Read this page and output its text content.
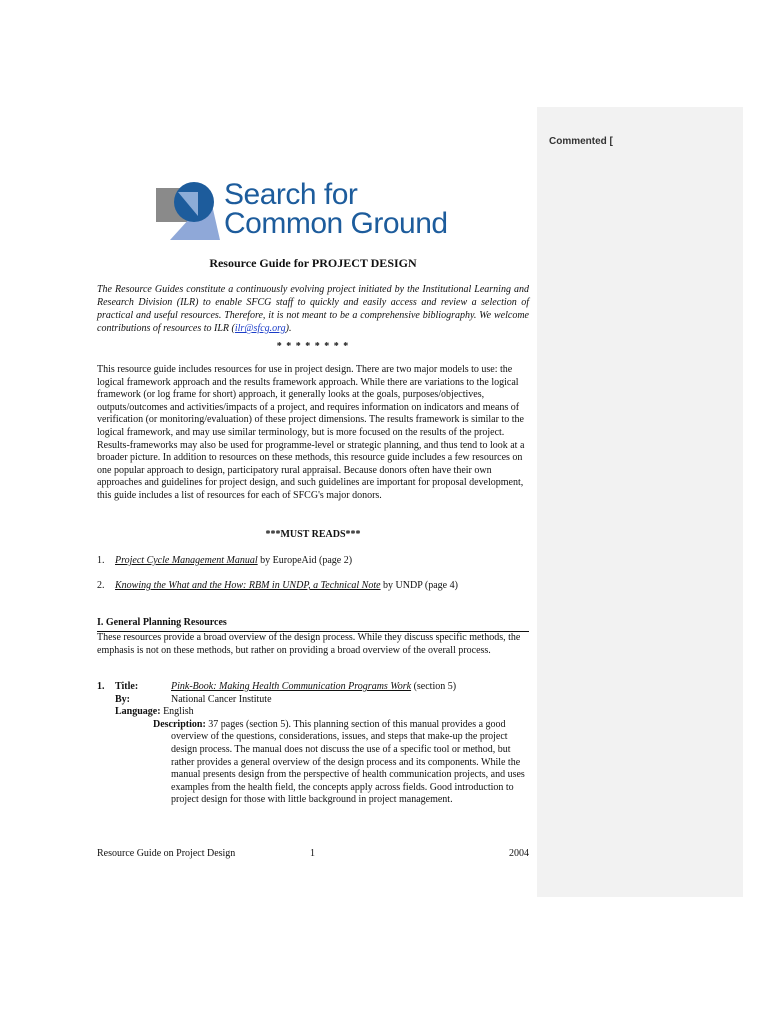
Commented [
Search for
Common Ground
Resource Guide for PROJECT DESIGN
The Resource Guides constitute a continuously evolving project initiated by the Institutional Learning and Research Division (ILR) to enable SFCG staff to quickly and easily access and review a selection of practical and useful resources. Therefore, it is not meant to be a comprehensive bibliography. We welcome contributions of resources to ILR (ilr@sfcg.org).
* * * * * * * *
This resource guide includes resources for use in project design. There are two major models to use: the logical framework approach and the results framework approach. While there are variations to the logical framework (or log frame for short) approach, it generally looks at the goals, purposes/objectives, outputs/outcomes and activities/impacts of a project, and requires information on indicators and means of verification (or monitoring/evaluation) of these project dimensions. The results framework is similar to the logical framework, and may use similar terminology, but is more focused on the results of the project. Results-frameworks may also be used for programme-level or strategic planning, and thus tend to look at a broader picture. In addition to resources on these methods, this resource guide includes a few resources on one popular approach to design, participatory rural appraisal. Because donors often have their own approaches and guidelines for project design, and such guidelines are important for proposal development, this guide includes a list of resources for each of SFCG's major donors.
***MUST READS***
1. Project Cycle Management Manual by EuropeAid (page 2)
2. Knowing the What and the How: RBM in UNDP, a Technical Note by UNDP (page 4)
I. General Planning Resources
These resources provide a broad overview of the design process. While they discuss specific methods, the emphasis is not on these methods, but rather on providing a broad overview of the overall process.
1.	Title:	Pink-Book: Making Health Communication Programs Work (section 5)
By:	National Cancer Institute
Language: English
Description: 37 pages (section 5). This planning section of this manual provides a good overview of the questions, considerations, issues, and steps that make-up the project design process. The manual does not discuss the use of a specific tool or method, but rather provides a general overview of the design process and its components. While the manual presents design from the perspective of health communication projects, and uses examples from the health field, the concepts apply across fields. Good introduction to project design for those with little background in project management.
Resource Guide on Project Design	1	2004
